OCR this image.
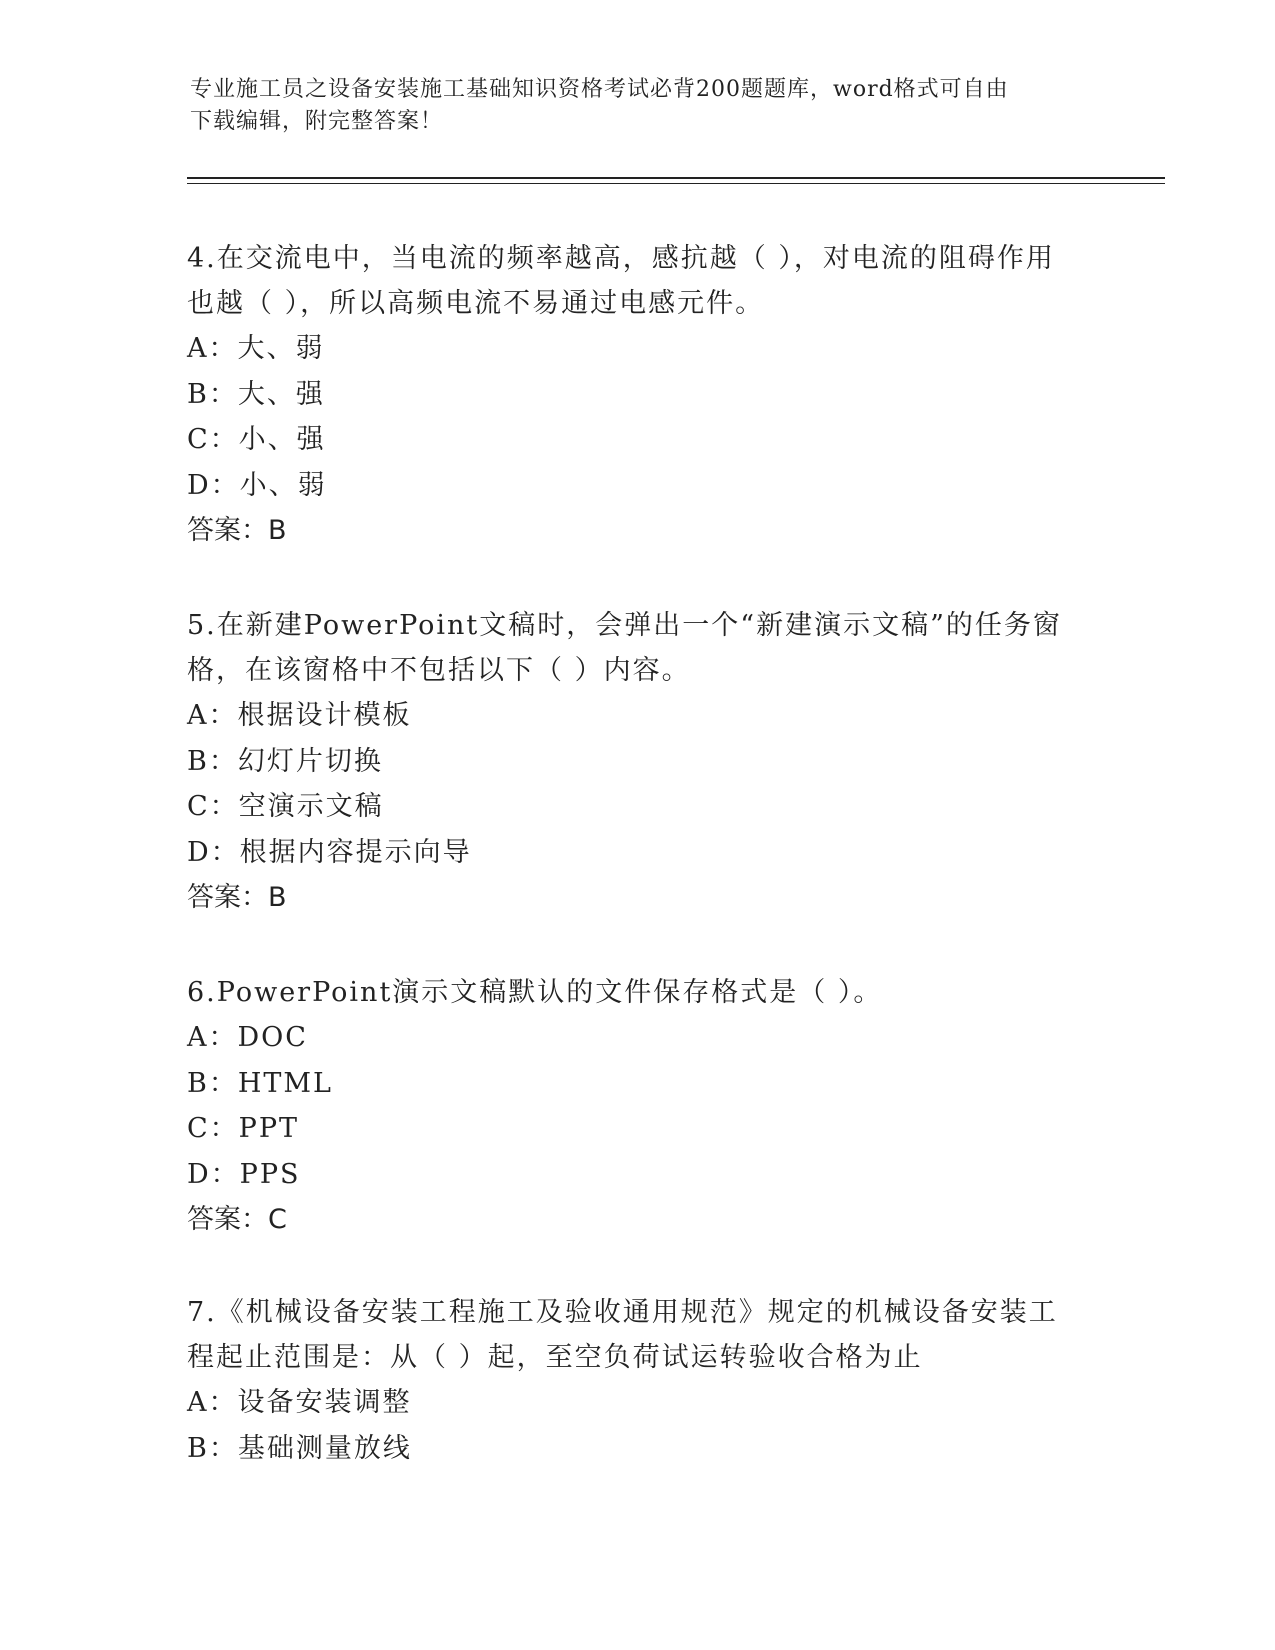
专业施工员之设备安装施工基础知识资格考试必背200题题库，word格式可自由
下载编辑，附完整答案！

4.在交流电中，当电流的频率越高，感抗越（ ），对电流的阻碍作用

也越（ ），所以高频电流不易通过电感元件。

A：大、弱

B：大、强

C：小、强

D：小、弱

答案：B

5.在新建PowerPoint文稿时，会弹出一个“新建演示文稿”的任务窗

格，在该窗格中不包括以下（ ）内容。

A：根据设计模板

B：幻灯片切换

C：空演示文稿

D：根据内容提示向导

答案：B

6.PowerPoint演示文稿默认的文件保存格式是（ ）。

A：DOC

B：HTML

C：PPT

D：PPS

答案：C

7.《机械设备安装工程施工及验收通用规范》规定的机械设备安装工

程起止范围是：从（ ）起，至空负荷试运转验收合格为止

A：设备安装调整

B：基础测量放线
